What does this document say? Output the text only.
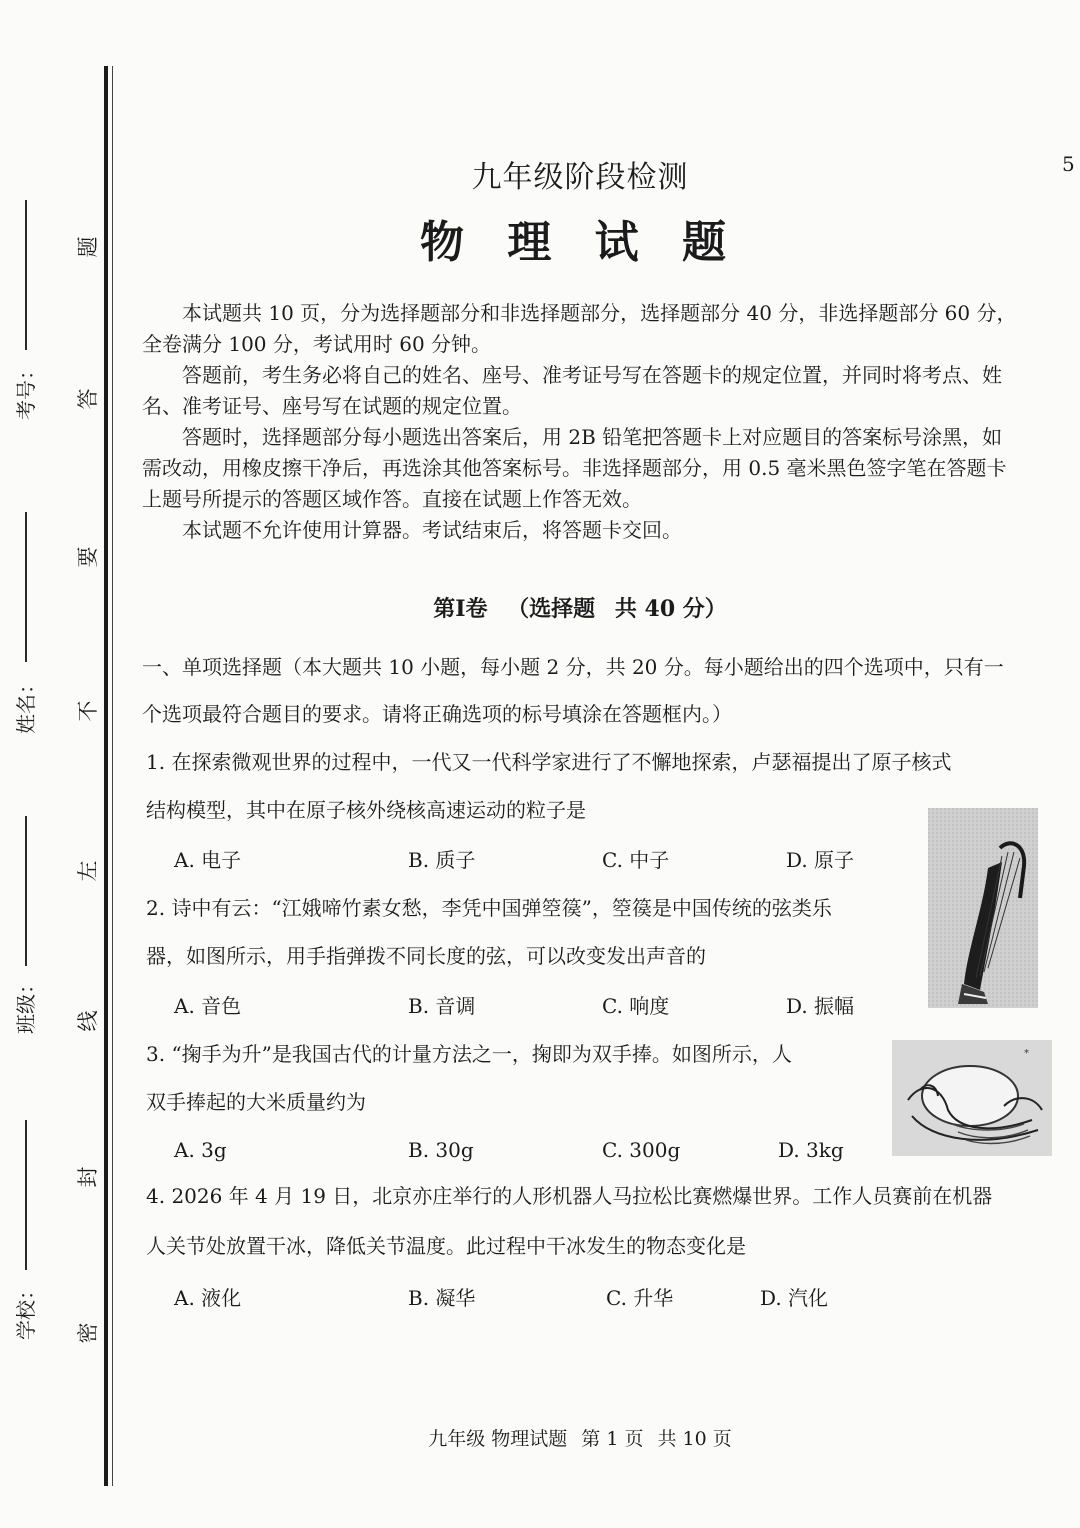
考号：
姓名：
班级：
学校：
题
答
要
不
左
线
封
密
5
九年级阶段检测
物 理 试 题

本试题共 10 页，分为选择题部分和非选择题部分，选择题部分 40 分，非选择题部分 60 分，全卷满分 100 分，考试用时 60 分钟。

答题前，考生务必将自己的姓名、座号、准考证号写在答题卡的规定位置，并同时将考点、姓名、准考证号、座号写在试题的规定位置。

答题时，选择题部分每小题选出答案后，用 2B 铅笔把答题卡上对应题目的答案标号涂黑，如需改动，用橡皮擦干净后，再选涂其他答案标号。非选择题部分，用 0.5 毫米黑色签字笔在答题卡上题号所提示的答题区域作答。直接在试题上作答无效。

本试题不允许使用计算器。考试结束后，将答题卡交回。

第Ⅰ卷 （选择题 共 40 分）
一、单项选择题（本大题共 10 小题，每小题 2 分，共 20 分。每小题给出的四个选项中，只有一个选项最符合题目的要求。请将正确选项的标号填涂在答题框内。）
1. 在探索微观世界的过程中，一代又一代科学家进行了不懈地探索，卢瑟福提出了原子核式
结构模型，其中在原子核外绕核高速运动的粒子是
A. 电子	B. 质子	C. 中子	D. 原子
2. 诗中有云：“江娥啼竹素女愁，李凭中国弹箜篌”，箜篌是中国传统的弦类乐
器，如图所示，用手指弹拨不同长度的弦，可以改变发出声音的
A. 音色	B. 音调	C. 响度	D. 振幅
3. “掬手为升”是我国古代的计量方法之一，掬即为双手捧。如图所示，人
双手捧起的大米质量约为
A. 3g	B. 30g	C. 300g	D. 3kg
4. 2026 年 4 月 19 日，北京亦庄举行的人形机器人马拉松比赛燃爆世界。工作人员赛前在机器
人关节处放置干冰，降低关节温度。此过程中干冰发生的物态变化是
A. 液化	B. 凝华	C. 升华	D. 汽化
*
九年级 物理试题 第 1 页 共 10 页
